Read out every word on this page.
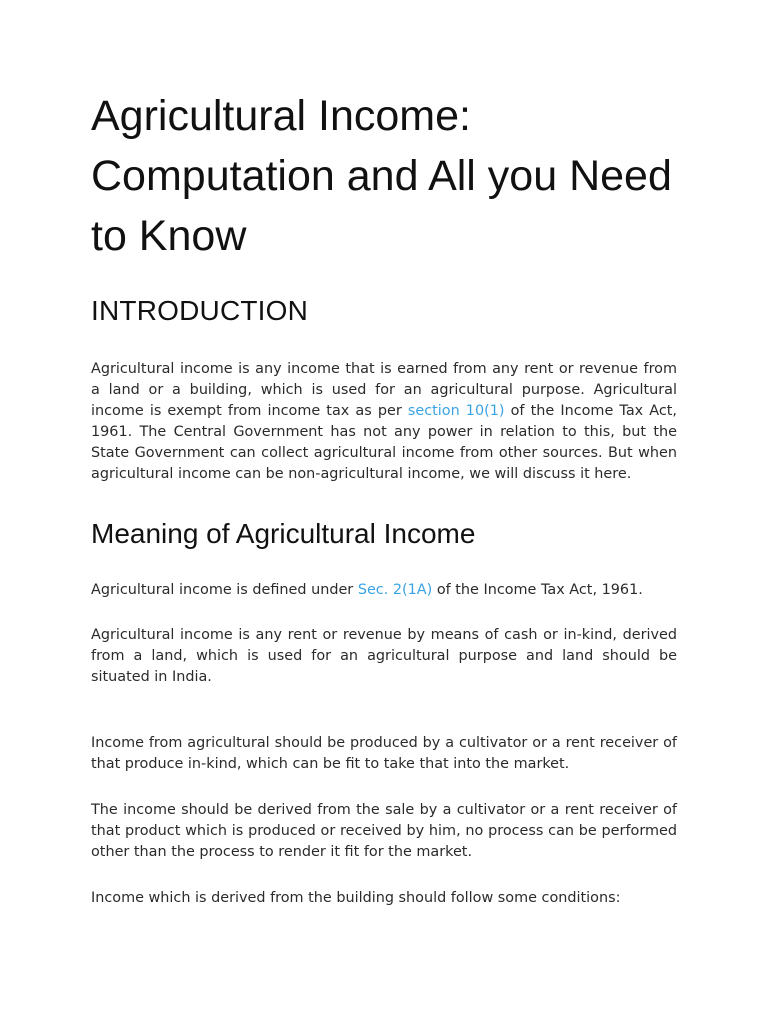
Agricultural Income: Computation and All you Need to Know
INTRODUCTION

Agricultural income is any income that is earned from any rent or revenue from a land or a building, which is used for an agricultural purpose. Agricultural income is exempt from income tax as per section 10(1) of the Income Tax Act, 1961. The Central Government has not any power in relation to this, but the State Government can collect agricultural income from other sources. But when agricultural income can be non-agricultural income, we will discuss it here.

Meaning of Agricultural Income

Agricultural income is defined under Sec. 2(1A) of the Income Tax Act, 1961.

Agricultural income is any rent or revenue by means of cash or in-kind, derived from a land, which is used for an agricultural purpose and land should be situated in India.

Income from agricultural should be produced by a cultivator or a rent receiver of that produce in-kind, which can be fit to take that into the market.

The income should be derived from the sale by a cultivator or a rent receiver of that product which is produced or received by him, no process can be performed other than the process to render it fit for the market.

Income which is derived from the building should follow some conditions:
